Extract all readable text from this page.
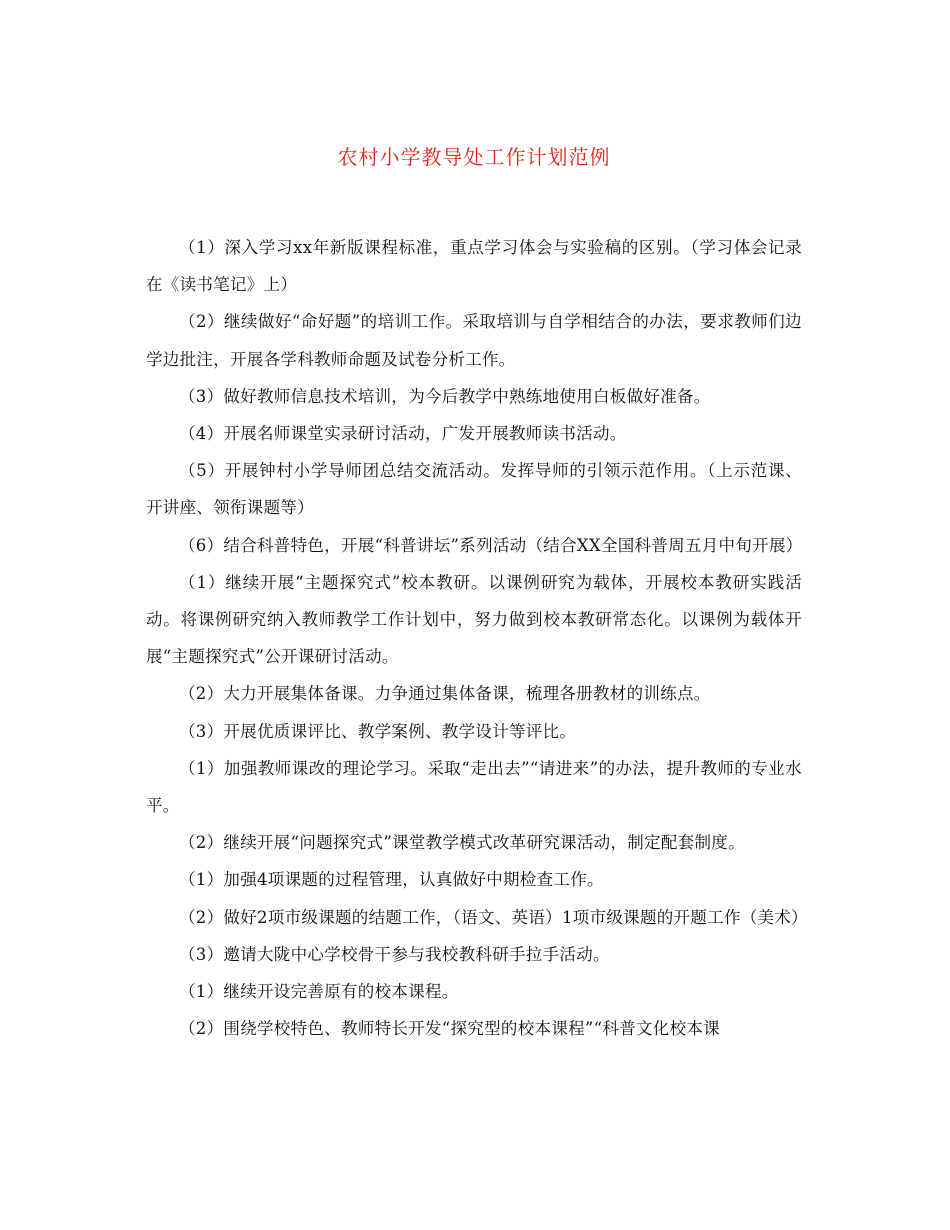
农村小学教导处工作计划范例

（1）深入学习xx年新版课程标准，重点学习体会与实验稿的区别。（学习体会记录在《读书笔记》上）

（2）继续做好“命好题”的培训工作。采取培训与自学相结合的办法，要求教师们边学边批注，开展各学科教师命题及试卷分析工作。

（3）做好教师信息技术培训，为今后教学中熟练地使用白板做好准备。

（4）开展名师课堂实录研讨活动，广发开展教师读书活动。

（5）开展钟村小学导师团总结交流活动。发挥导师的引领示范作用。（上示范课、开讲座、领衔课题等）

（6）结合科普特色，开展“科普讲坛”系列活动（结合XX全国科普周五月中旬开展）

（1）继续开展“主题探究式”校本教研。以课例研究为载体，开展校本教研实践活动。将课例研究纳入教师教学工作计划中，努力做到校本教研常态化。以课例为载体开展“主题探究式”公开课研讨活动。

（2）大力开展集体备课。力争通过集体备课，梳理各册教材的训练点。

（3）开展优质课评比、教学案例、教学设计等评比。

（1）加强教师课改的理论学习。采取“走出去”“请进来”的办法，提升教师的专业水平。

（2）继续开展“问题探究式”课堂教学模式改革研究课活动，制定配套制度。

（1）加强4项课题的过程管理，认真做好中期检查工作。

（2）做好2项市级课题的结题工作，（语文、英语）1项市级课题的开题工作（美术）

（3）邀请大陇中心学校骨干参与我校教科研手拉手活动。

（1）继续开设完善原有的校本课程。

（2）围绕学校特色、教师特长开发“探究型的校本课程”“科普文化校本课
